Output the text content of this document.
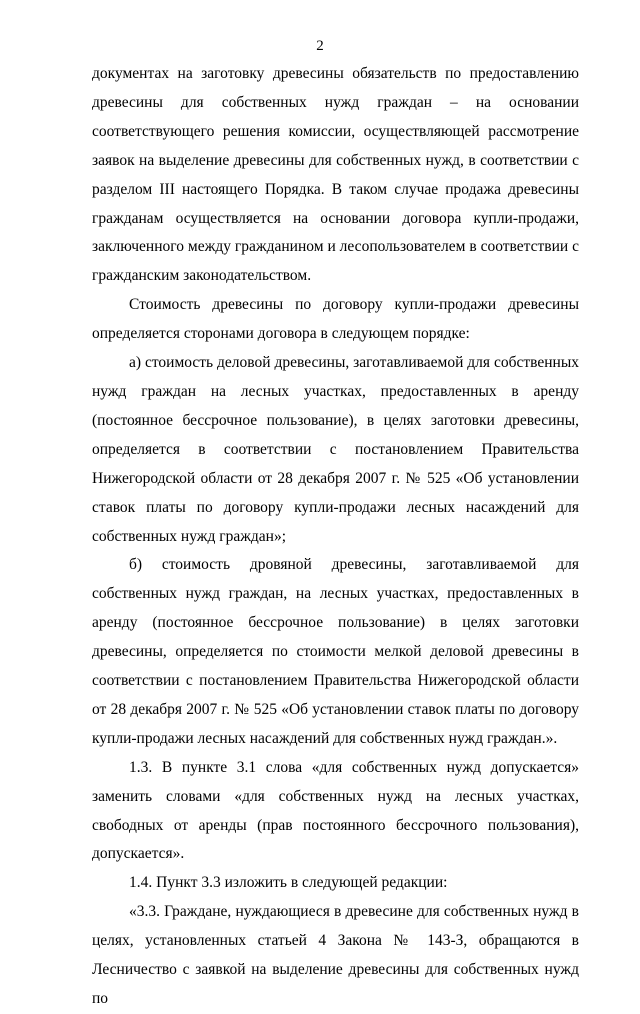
2

документах на заготовку древесины обязательств по предоставлению древесины для собственных нужд граждан – на основании соответствующего решения комиссии, осуществляющей рассмотрение заявок на выделение древесины для собственных нужд, в соответствии с разделом III настоящего Порядка. В таком случае продажа древесины гражданам осуществляется на основании договора купли-продажи, заключенного между гражданином и лесопользователем в соответствии с гражданским законодательством.

Стоимость древесины по договору купли-продажи древесины определяется сторонами договора в следующем порядке:

а) стоимость деловой древесины, заготавливаемой для собственных нужд граждан на лесных участках, предоставленных в аренду (постоянное бессрочное пользование), в целях заготовки древесины, определяется в соответствии с постановлением Правительства Нижегородской области от 28 декабря 2007 г. № 525 «Об установлении ставок платы по договору купли-продажи лесных насаждений для собственных нужд граждан»;

б) стоимость дровяной древесины, заготавливаемой для собственных нужд граждан, на лесных участках, предоставленных в аренду (постоянное бессрочное пользование) в целях заготовки древесины, определяется по стоимости мелкой деловой древесины в соответствии с постановлением Правительства Нижегородской области от 28 декабря 2007 г. № 525 «Об установлении ставок платы по договору купли-продажи лесных насаждений для собственных нужд граждан.».

1.3. В пункте 3.1 слова «для собственных нужд допускается» заменить словами «для собственных нужд на лесных участках, свободных от аренды (прав постоянного бессрочного пользования), допускается».

1.4. Пункт 3.3 изложить в следующей редакции:

«3.3. Граждане, нуждающиеся в древесине для собственных нужд в целях, установленных статьей 4 Закона № 143-З, обращаются в Лесничество с заявкой на выделение древесины для собственных нужд по
